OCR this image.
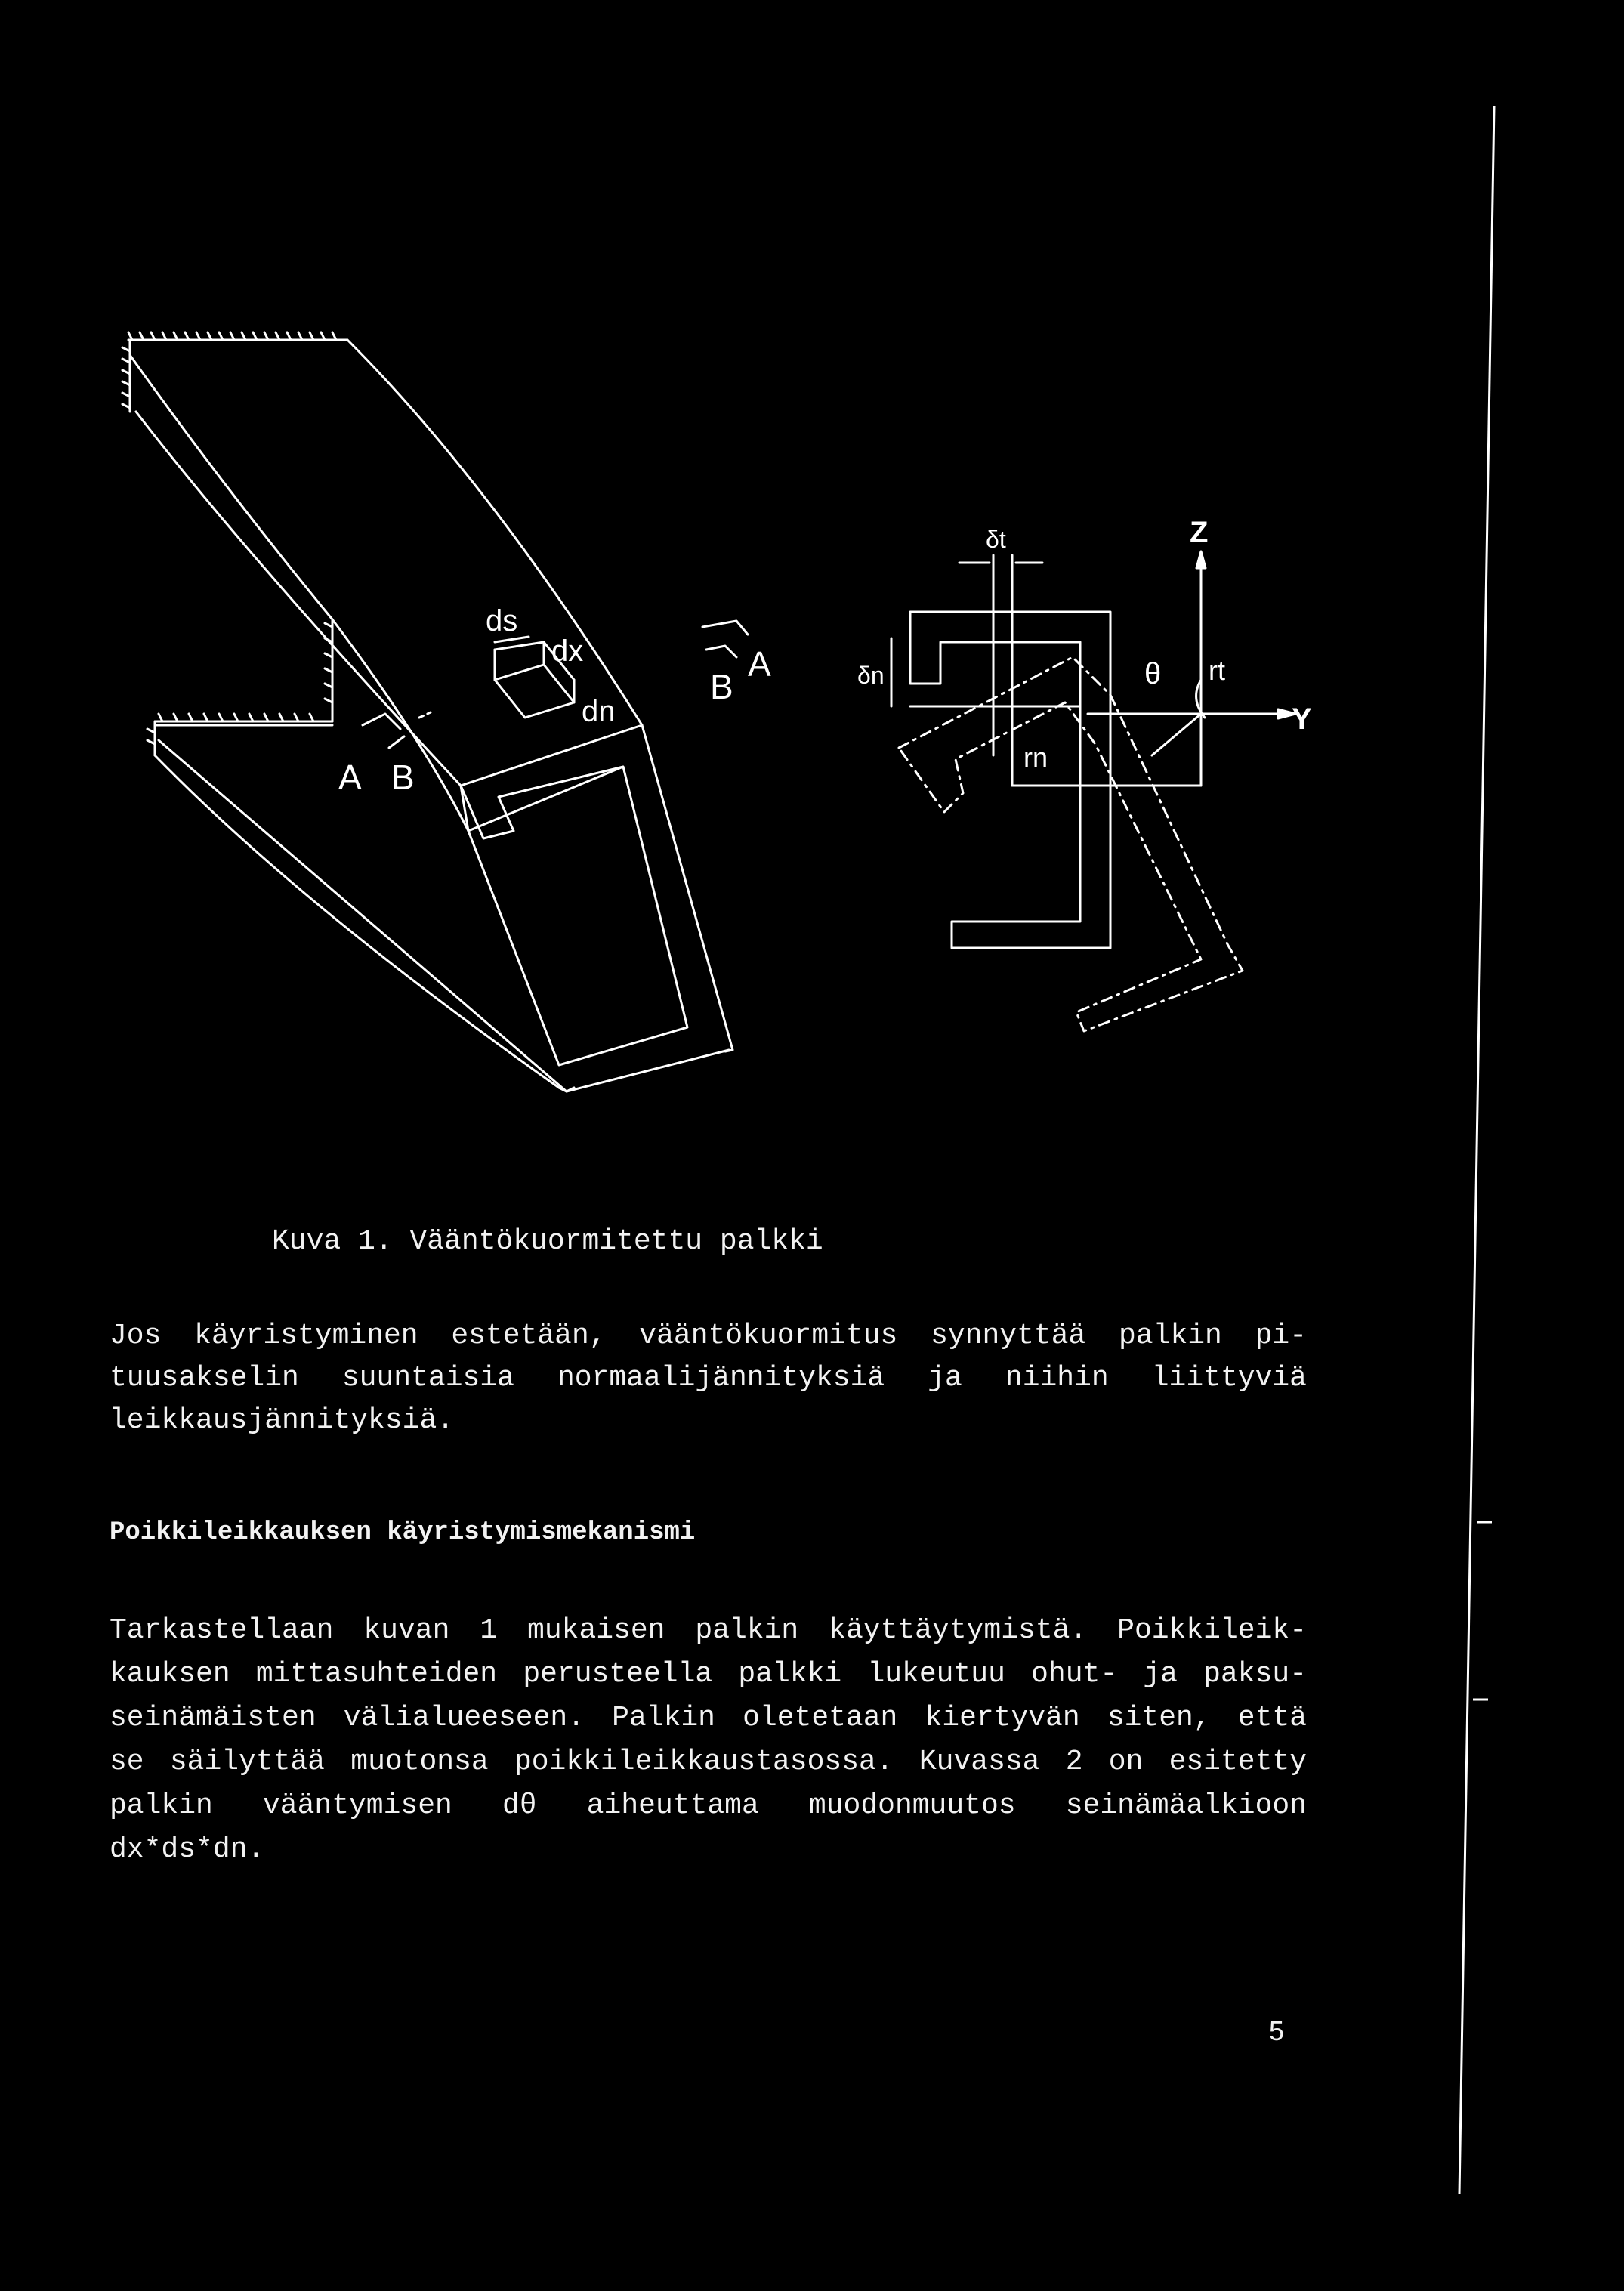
ds
dx
dn
A B
B
A
δt
δn
Z
Y
θ rt
rn
Kuva 1. Vääntökuormitettu palkki
Jos käyristyminen estetään, vääntökuormitus synnyttää palkin pi-
tuusakselin suuntaisia normaalijännityksiä ja niihin liittyviä
leikkausjännityksiä.
Poikkileikkauksen käyristymismekanismi
Tarkastellaan kuvan 1 mukaisen palkin käyttäytymistä. Poikkileik-
kauksen mittasuhteiden perusteella palkki lukeutuu ohut- ja paksu-
seinämäisten välialueeseen. Palkin oletetaan kiertyvän siten, että
se säilyttää muotonsa poikkileikkaustasossa. Kuvassa 2 on esitetty
palkin vääntymisen dθ aiheuttama muodonmuutos seinämäalkioon
dx*ds*dn.
5
